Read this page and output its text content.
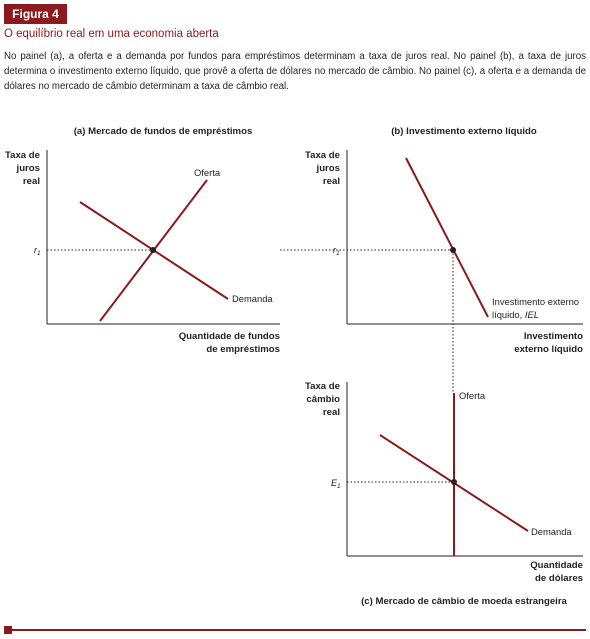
Figura 4
O equilíbrio real em uma economia aberta
No painel (a), a oferta e a demanda por fundos para empréstimos determinam a taxa de juros real. No painel (b), a taxa de juros determina o investimento externo líquido, que provê a oferta de dólares no mercado de câmbio. No painel (c), a oferta e a demanda de dólares no mercado de câmbio determinam a taxa de câmbio real.
(a) Mercado de fundos de empréstimos
Taxa de
juros
real
Oferta
Demanda
$r_1$
Quantidade de fundos
de empréstimos
(b) Investimento externo líquido
Taxa de
juros
real
$r_1$
Investimento externo
líquido, IEL
Investimento
externo líquido
Taxa de
câmbio
real
Oferta
Demanda
$E_1$
Quantidade
de dólares
(c) Mercado de câmbio de moeda estrangeira
